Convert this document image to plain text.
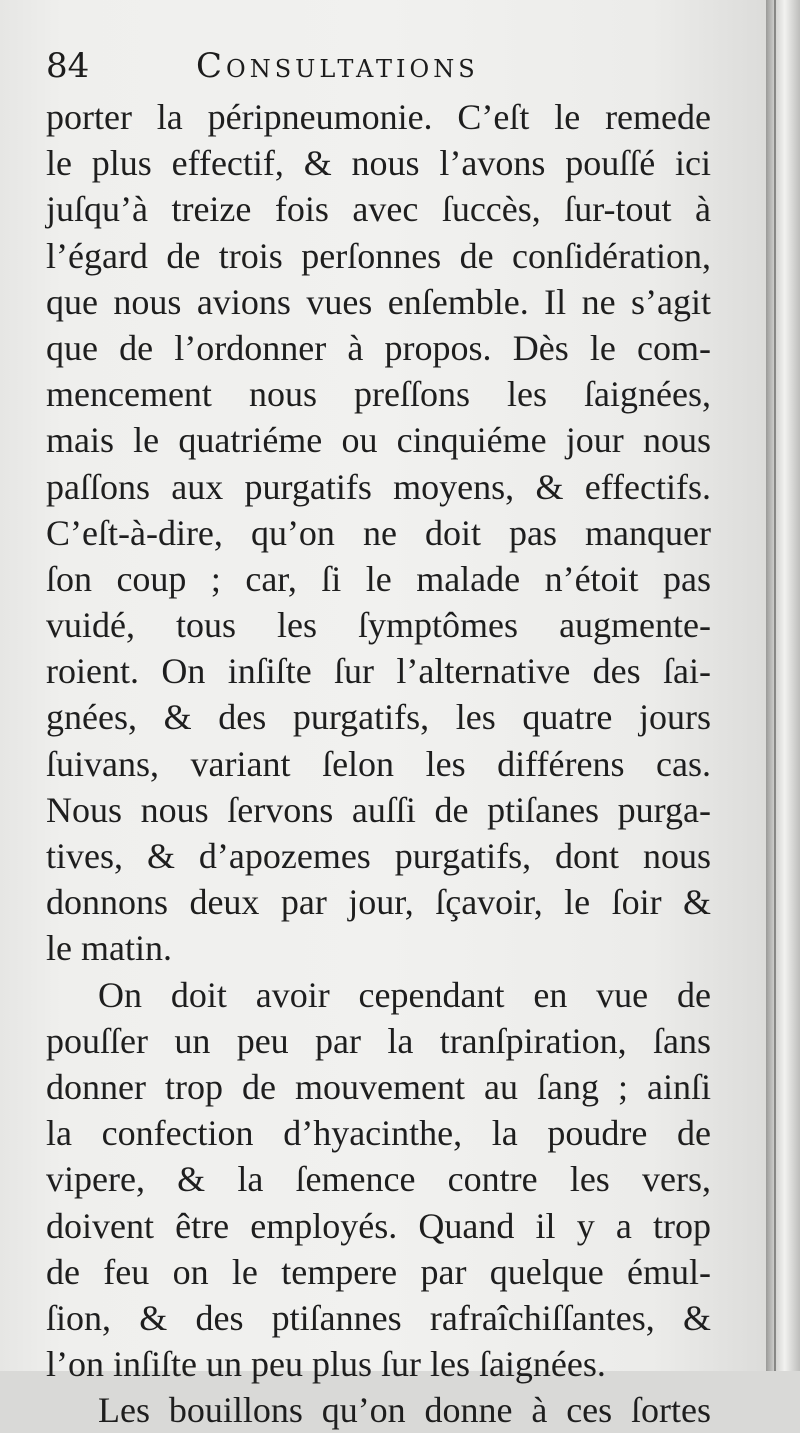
84	Consultations
porter la péripneumonie. C’eſt le remede
le plus effectif, & nous l’avons pouſſé ici
juſqu’à treize fois avec ſuccès, ſur-tout à
l’égard de trois perſonnes de conſidération,
que nous avions vues enſemble. Il ne s’agit
que de l’ordonner à propos. Dès le com-
mencement nous preſſons les ſaignées,
mais le quatriéme ou cinquiéme jour nous
paſſons aux purgatifs moyens, & effectifs.
C’eſt-à-dire, qu’on ne doit pas manquer
ſon coup ; car, ſi le malade n’étoit pas
vuidé, tous les ſymptômes augmente-
roient. On inſiſte ſur l’alternative des ſai-
gnées, & des purgatifs, les quatre jours
ſuivans, variant ſelon les différens cas.
Nous nous ſervons auſſi de ptiſanes purga-
tives, & d’apozemes purgatifs, dont nous
donnons deux par jour, ſçavoir, le ſoir &
le matin.
On doit avoir cependant en vue de
pouſſer un peu par la tranſpiration, ſans
donner trop de mouvement au ſang ; ainſi
la confection d’hyacinthe, la poudre de
vipere, & la ſemence contre les vers,
doivent être employés. Quand il y a trop
de feu on le tempere par quelque émul-
ſion, & des ptiſannes rafraîchiſſantes, &
l’on inſiſte un peu plus ſur les ſaignées.
Les bouillons qu’on donne à ces ſortes
